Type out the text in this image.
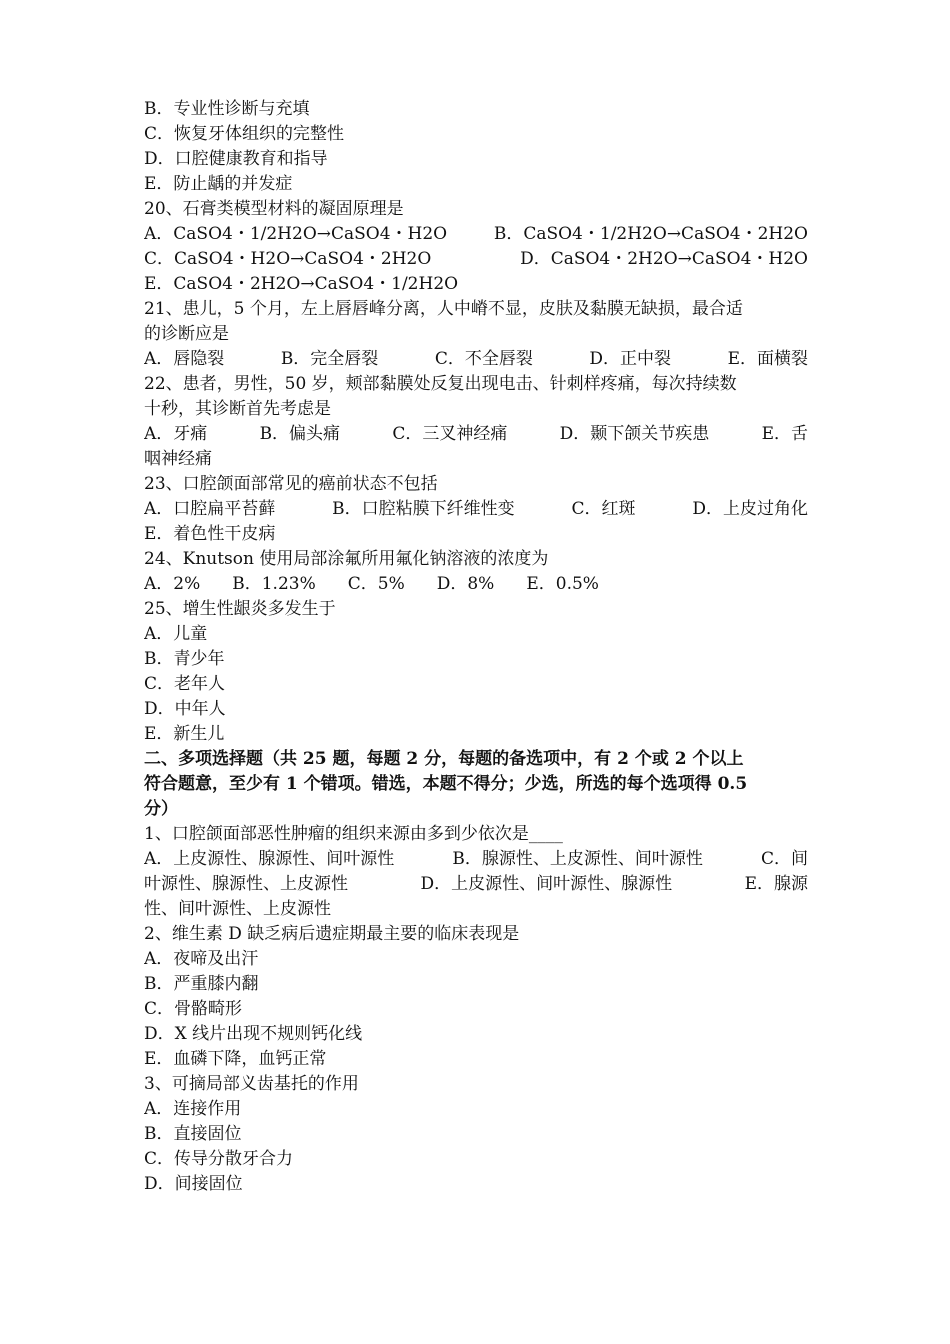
B．专业性诊断与充填
C．恢复牙体组织的完整性
D．口腔健康教育和指导
E．防止龋的并发症
20、石膏类模型材料的凝固原理是
A．CaSO4・1/2H2O→CaSO4・H2O	B．CaSO4・1/2H2O→CaSO4・2H2O
C．CaSO4・H2O→CaSO4・2H2O	D．CaSO4・2H2O→CaSO4・H2O
E．CaSO4・2H2O→CaSO4・1/2H2O
21、患儿，5 个月，左上唇唇峰分离，人中嵴不显，皮肤及黏膜无缺损，最合适
的诊断应是
A．唇隐裂	B．完全唇裂	C．不全唇裂	D．正中裂	E．面横裂
22、患者，男性，50 岁，颊部黏膜处反复出现电击、针刺样疼痛，每次持续数
十秒，其诊断首先考虑是
A．牙痛	B．偏头痛	C．三叉神经痛	D．颞下颌关节疾患	E．舌
咽神经痛
23、口腔颌面部常见的癌前状态不包括
A．口腔扁平苔藓	B．口腔粘膜下纤维性变	C．红斑	D．上皮过角化
E．着色性干皮病
24、Knutson 使用局部涂氟所用氟化钠溶液的浓度为
A．2% B．1.23% C．5% D．8% E．0.5%
25、增生性龈炎多发生于
A．儿童
B．青少年
C．老年人
D．中年人
E．新生儿
二、多项选择题（共 25 题，每题 2 分，每题的备选项中，有 2 个或 2 个以上
符合题意，至少有 1 个错项。错选，本题不得分；少选，所选的每个选项得 0.5
分）
1、口腔颌面部恶性肿瘤的组织来源由多到少依次是____
A．上皮源性、腺源性、间叶源性	B．腺源性、上皮源性、间叶源性	C．间
叶源性、腺源性、上皮源性	D．上皮源性、间叶源性、腺源性	E．腺源
性、间叶源性、上皮源性
2、维生素 D 缺乏病后遗症期最主要的临床表现是
A．夜啼及出汗
B．严重膝内翻
C．骨骼畸形
D．X 线片出现不规则钙化线
E．血磷下降，血钙正常
3、可摘局部义齿基托的作用
A．连接作用
B．直接固位
C．传导分散牙合力
D．间接固位
